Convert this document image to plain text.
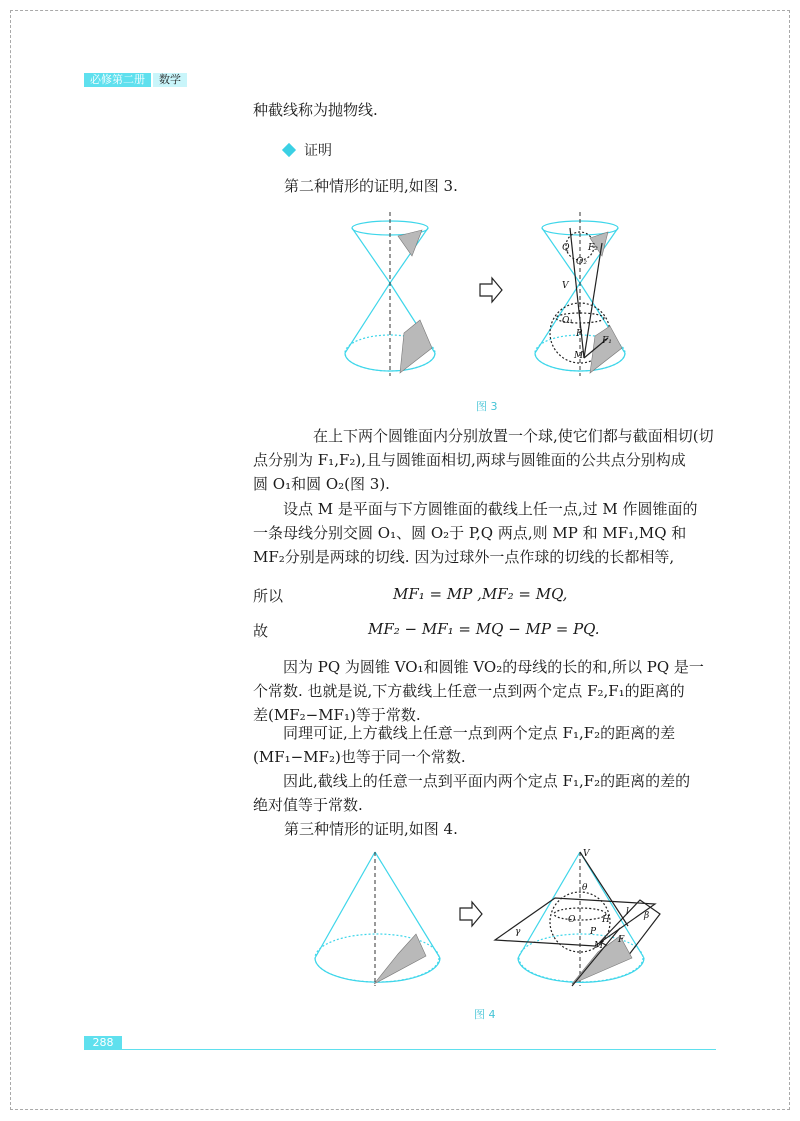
必修第二册	数学
种截线称为抛物线.
证明
第二种情形的证明,如图 3.
Q
O₂
F₂
V
O₁
P
F₁
M
图 3
在上下两个圆锥面内分别放置一个球,使它们都与截面相切(切
点分别为 F₁,F₂),且与圆锥面相切,两球与圆锥面的公共点分别构成
圆 O₁和圆 O₂(图 3).
设点 M 是平面与下方圆锥面的截线上任一点,过 M 作圆锥面的
一条母线分别交圆 O₁、圆 O₂于 P,Q 两点,则 MP 和 MF₁,MQ 和
MF₂分别是两球的切线. 因为过球外一点作球的切线的长都相等,
所以	MF₁ = MP ,MF₂ = MQ,
故	MF₂ − MF₁ = MQ − MP = PQ.
因为 PQ 为圆锥 VO₁和圆锥 VO₂的母线的长的和,所以 PQ 是一
个常数. 也就是说,下方截线上任意一点到两个定点 F₂,F₁的距离的
差(MF₂−MF₁)等于常数.
同理可证,上方截线上任意一点到两个定点 F₁,F₂的距离的差
(MF₁−MF₂)也等于同一个常数.
因此,截线上的任意一点到平面内两个定点 F₁,F₂的距离的差的
绝对值等于常数.
第三种情形的证明,如图 4.
V
θ
O	H
l β
γ	P
M
F
图 4
288
